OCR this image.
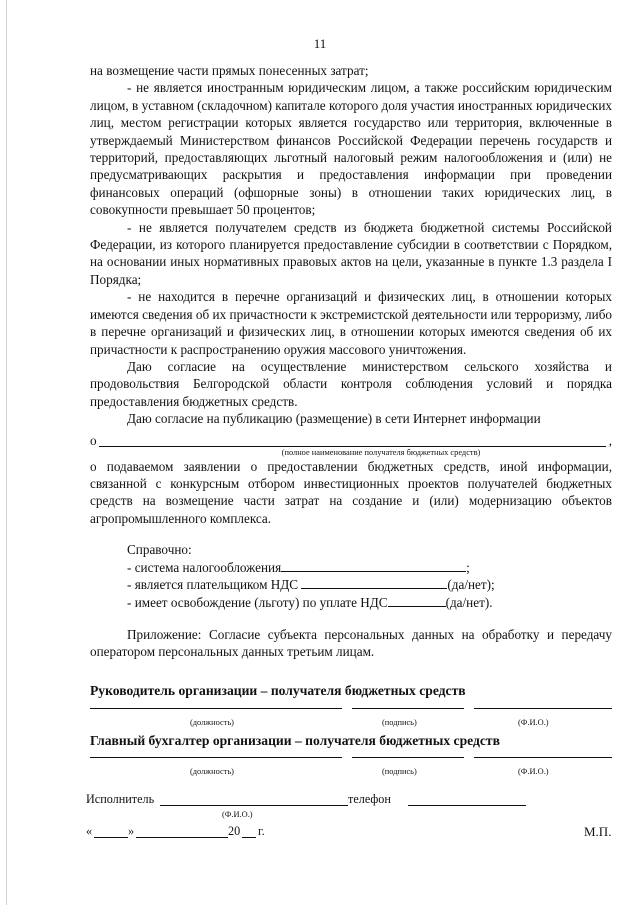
11

на возмещение части прямых понесенных затрат;

- не является иностранным юридическим лицом, а также российским юридическим лицом, в уставном (складочном) капитале которого доля участия иностранных юридических лиц, местом регистрации которых является государство или территория, включенные в утверждаемый Министерством финансов Российской Федерации перечень государств и территорий, предоставляющих льготный налоговый режим налогообложения и (или) не предусматривающих раскрытия и предоставления информации при проведении финансовых операций (офшорные зоны) в отношении таких юридических лиц, в совокупности превышает 50 процентов;

- не является получателем средств из бюджета бюджетной системы Российской Федерации, из которого планируется предоставление субсидии в соответствии с Порядком, на основании иных нормативных правовых актов на цели, указанные в пункте 1.3 раздела I Порядка;

- не находится в перечне организаций и физических лиц, в отношении которых имеются сведения об их причастности к экстремистской деятельности или терроризму, либо в перечне организаций и физических лиц, в отношении которых имеются сведения об их причастности к распространению оружия массового уничтожения.

Даю согласие на осуществление министерством сельского хозяйства и продовольствия Белгородской области контроля соблюдения условий и порядка предоставления бюджетных средств.

Даю согласие на публикацию (размещение) в сети Интернет информации

о	,
(полное наименование получателя бюджетных средств)

о подаваемом заявлении о предоставлении бюджетных средств, иной информации, связанной с конкурсным отбором инвестиционных проектов получателей бюджетных средств на возмещение части затрат на создание и (или) модернизацию объектов агропромышленного комплекса.

Справочно:
- система налогообложения	;
- является плательщиком НДС	(да/нет);
- имеет освобождение (льготу) по уплате НДС	(да/нет).

Приложение: Согласие субъекта персональных данных на обработку и передачу оператором персональных данных третьим лицам.

Руководитель организации – получателя бюджетных средств

(должность)	(подпись)	(Ф.И.О.)

Главный бухгалтер организации – получателя бюджетных средств

(должность)	(подпись)	(Ф.И.О.)
Исполнитель	телефон
(Ф.И.О.)
«	»	20 г.	М.П.
